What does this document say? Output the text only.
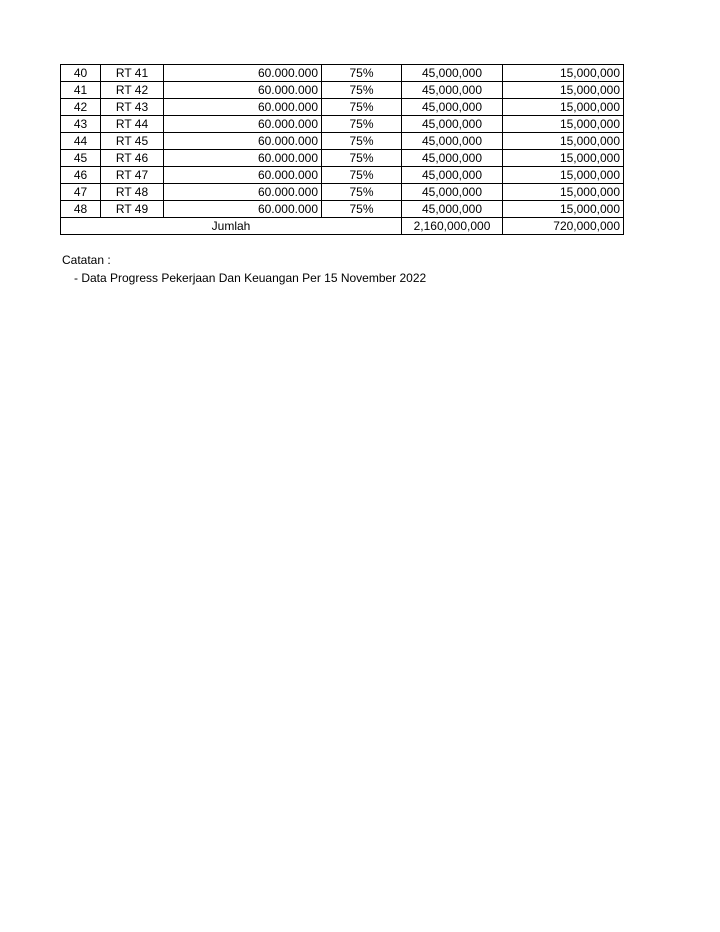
40	RT 41	60.000.000	75%	45,000,000	15,000,000
41	RT 42	60.000.000	75%	45,000,000	15,000,000
42	RT 43	60.000.000	75%	45,000,000	15,000,000
43	RT 44	60.000.000	75%	45,000,000	15,000,000
44	RT 45	60.000.000	75%	45,000,000	15,000,000
45	RT 46	60.000.000	75%	45,000,000	15,000,000
46	RT 47	60.000.000	75%	45,000,000	15,000,000
47	RT 48	60.000.000	75%	45,000,000	15,000,000
48	RT 49	60.000.000	75%	45,000,000	15,000,000
Jumlah				2,160,000,000	720,000,000
Catatan :
- Data Progress Pekerjaan Dan Keuangan Per 15 November 2022
